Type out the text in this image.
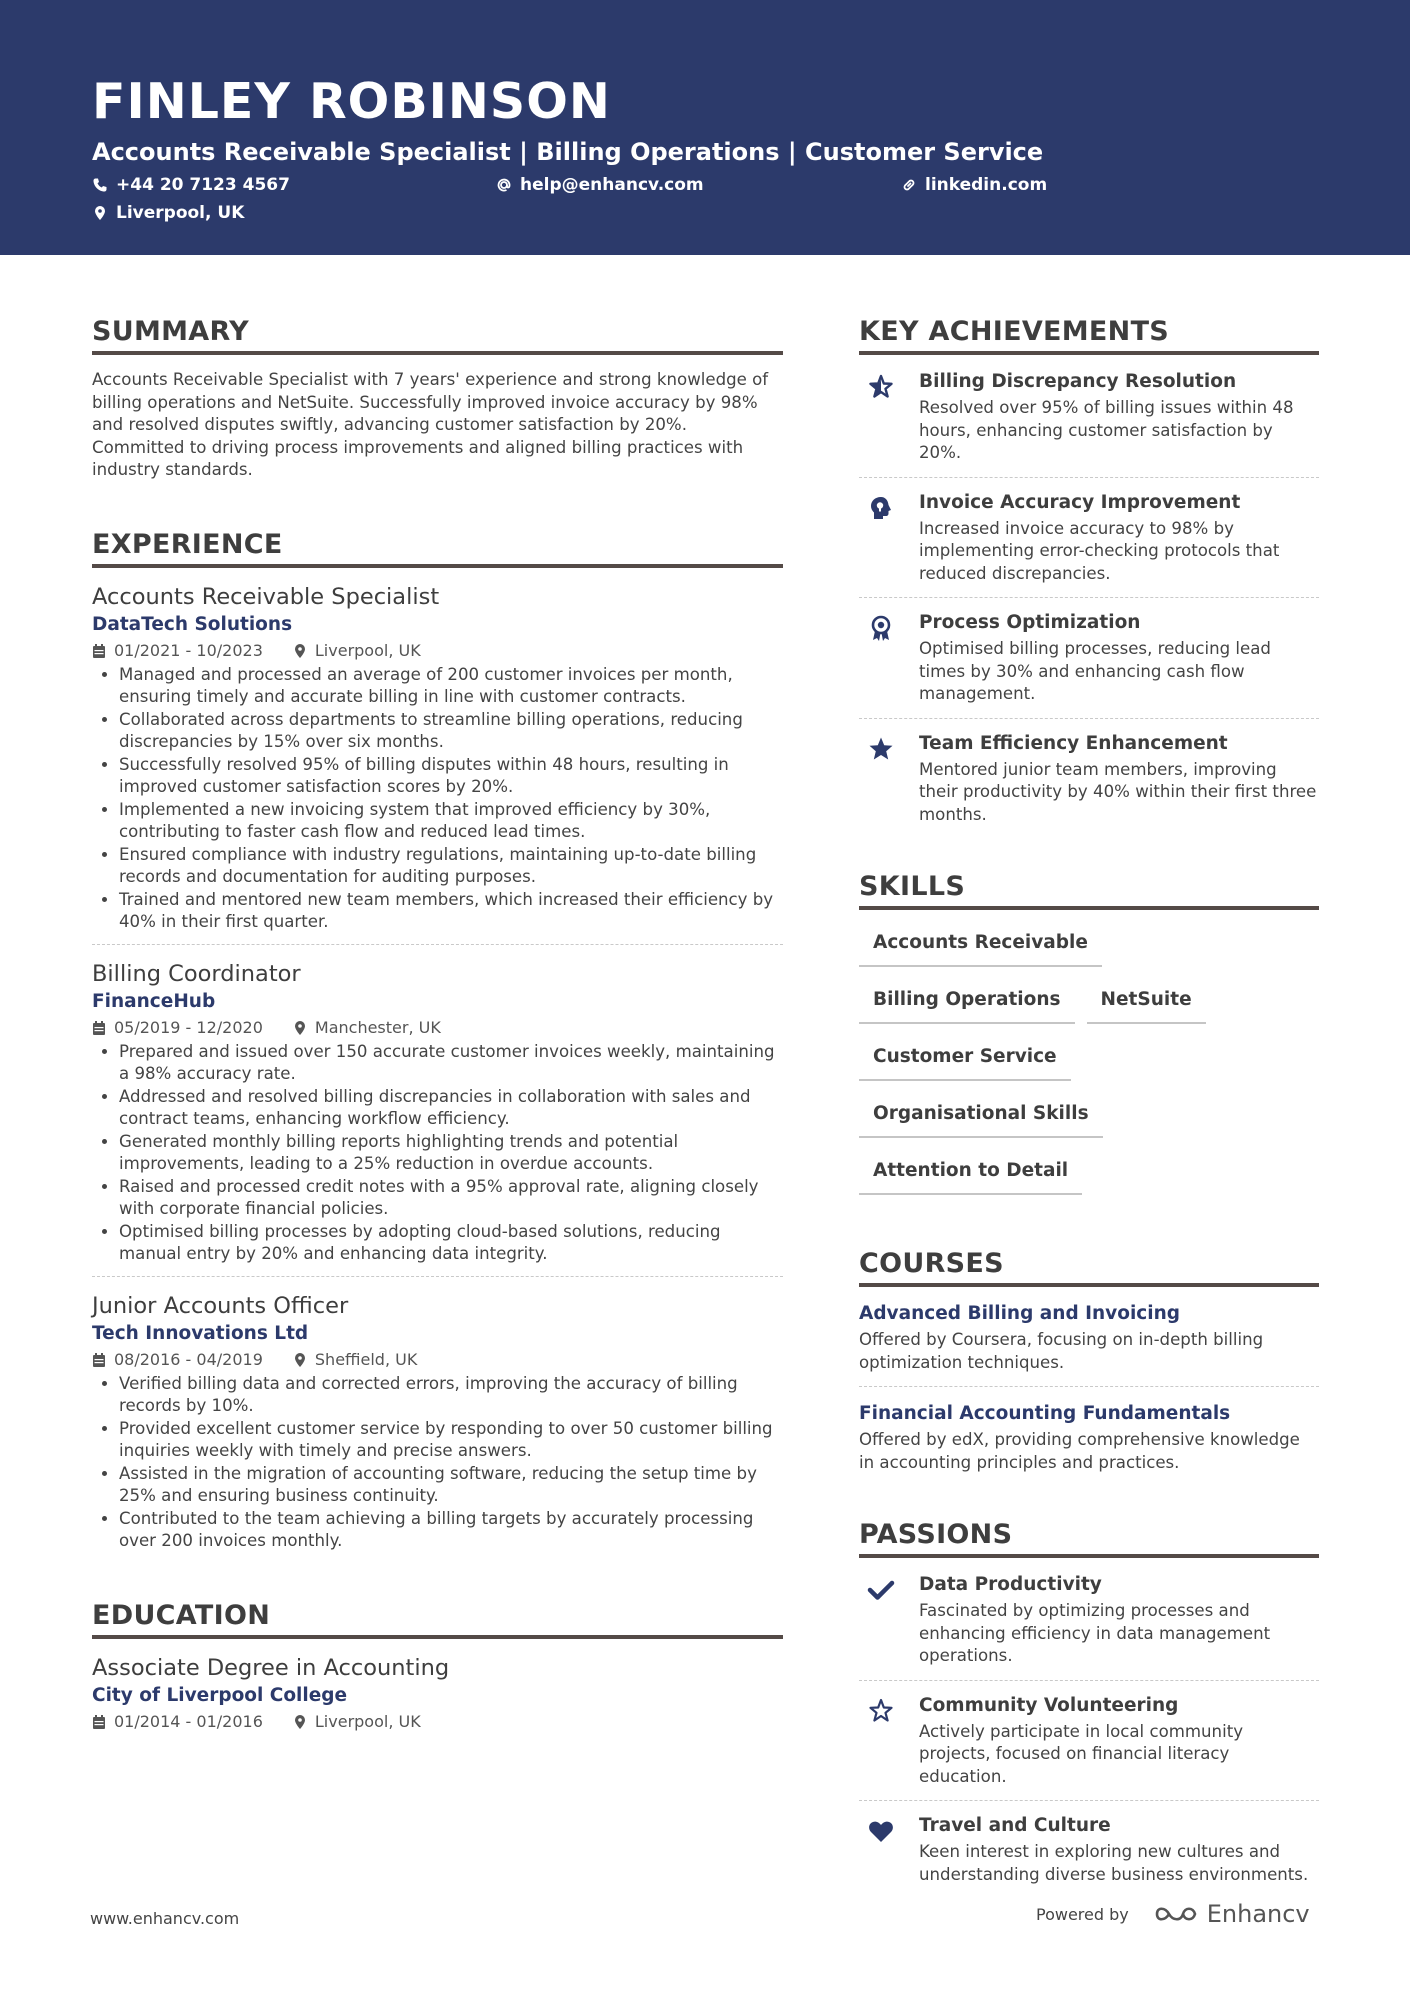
FINLEY ROBINSON
Accounts Receivable Specialist | Billing Operations | Customer Service
+44 20 7123 4567	help@enhancv.com	linkedin.com
Liverpool, UK
SUMMARY
Accounts Receivable Specialist with 7 years' experience and strong knowledge of billing operations and NetSuite. Successfully improved invoice accuracy by 98% and resolved disputes swiftly, advancing customer satisfaction by 20%. Committed to driving process improvements and aligned billing practices with industry standards.
EXPERIENCE
Accounts Receivable Specialist
DataTech Solutions
01/2021 - 10/2023	Liverpool, UK
• Managed and processed an average of 200 customer invoices per month, ensuring timely and accurate billing in line with customer contracts.
• Collaborated across departments to streamline billing operations, reducing discrepancies by 15% over six months.
• Successfully resolved 95% of billing disputes within 48 hours, resulting in improved customer satisfaction scores by 20%.
• Implemented a new invoicing system that improved efficiency by 30%, contributing to faster cash flow and reduced lead times.
• Ensured compliance with industry regulations, maintaining up-to-date billing records and documentation for auditing purposes.
• Trained and mentored new team members, which increased their efficiency by 40% in their first quarter.
Billing Coordinator
FinanceHub
05/2019 - 12/2020	Manchester, UK
• Prepared and issued over 150 accurate customer invoices weekly, maintaining a 98% accuracy rate.
• Addressed and resolved billing discrepancies in collaboration with sales and contract teams, enhancing workflow efficiency.
• Generated monthly billing reports highlighting trends and potential improvements, leading to a 25% reduction in overdue accounts.
• Raised and processed credit notes with a 95% approval rate, aligning closely with corporate financial policies.
• Optimised billing processes by adopting cloud-based solutions, reducing manual entry by 20% and enhancing data integrity.
Junior Accounts Officer
Tech Innovations Ltd
08/2016 - 04/2019	Sheffield, UK
• Verified billing data and corrected errors, improving the accuracy of billing records by 10%.
• Provided excellent customer service by responding to over 50 customer billing inquiries weekly with timely and precise answers.
• Assisted in the migration of accounting software, reducing the setup time by 25% and ensuring business continuity.
• Contributed to the team achieving a billing targets by accurately processing over 200 invoices monthly.
EDUCATION
Associate Degree in Accounting
City of Liverpool College
01/2014 - 01/2016	Liverpool, UK
KEY ACHIEVEMENTS
Billing Discrepancy Resolution
Resolved over 95% of billing issues within 48 hours, enhancing customer satisfaction by 20%.
Invoice Accuracy Improvement
Increased invoice accuracy to 98% by implementing error-checking protocols that reduced discrepancies.
Process Optimization
Optimised billing processes, reducing lead times by 30% and enhancing cash flow management.
Team Efficiency Enhancement
Mentored junior team members, improving their productivity by 40% within their first three months.
SKILLS
Accounts Receivable
Billing Operations	NetSuite
Customer Service
Organisational Skills
Attention to Detail
COURSES
Advanced Billing and Invoicing
Offered by Coursera, focusing on in-depth billing optimization techniques.
Financial Accounting Fundamentals
Offered by edX, providing comprehensive knowledge in accounting principles and practices.
PASSIONS
Data Productivity
Fascinated by optimizing processes and enhancing efficiency in data management operations.
Community Volunteering
Actively participate in local community projects, focused on financial literacy education.
Travel and Culture
Keen interest in exploring new cultures and understanding diverse business environments.
www.enhancv.com	Powered by	Enhancv
